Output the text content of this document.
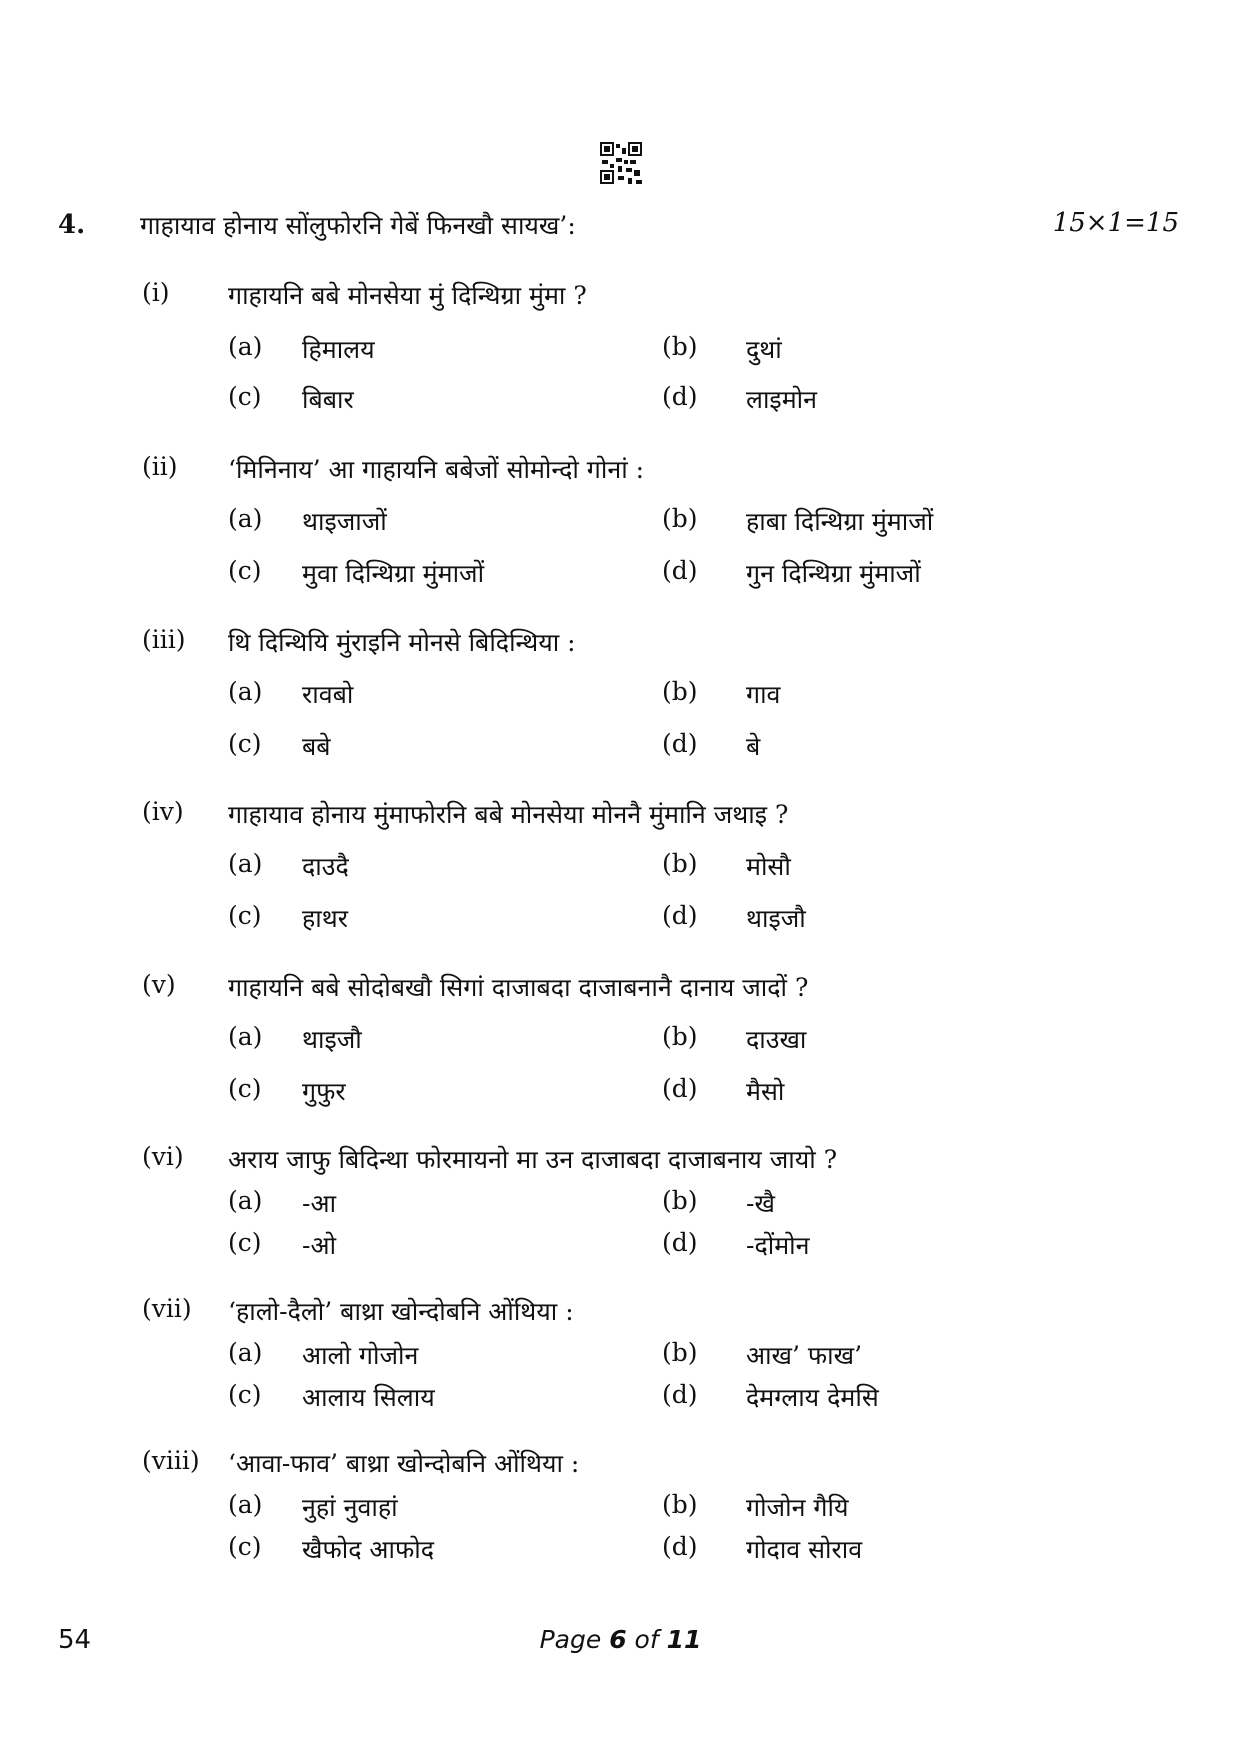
4. गाहायाव होनाय सोंलुफोरनि गेबें फिनखौ सायख’:	15×1=15
(i) गाहायनि बबे मोनसेया मुं दिन्थिग्रा मुंमा ?
(a) हिमालय	(b) दुथां
(c) बिबार	(d) लाइमोन
(ii) ‘मिनिनाय’ आ गाहायनि बबेजों सोमोन्दो गोनां :
(a) थाइजाजों	(b) हाबा दिन्थिग्रा मुंमाजों
(c) मुवा दिन्थिग्रा मुंमाजों	(d) गुन दिन्थिग्रा मुंमाजों
(iii) थि दिन्थियि मुंराइनि मोनसे बिदिन्थिया :
(a) रावबो	(b) गाव
(c) बबे	(d) बे
(iv) गाहायाव होनाय मुंमाफोरनि बबे मोनसेया मोननै मुंमानि जथाइ ?
(a) दाउदै	(b) मोसौ
(c) हाथर	(d) थाइजौ
(v) गाहायनि बबे सोदोबखौ सिगां दाजाबदा दाजाबनानै दानाय जादों ?
(a) थाइजौ	(b) दाउखा
(c) गुफुर	(d) मैसो
(vi) अराय जाफु बिदिन्था फोरमायनो मा उन दाजाबदा दाजाबनाय जायो ?
(a) -आ	(b) -खै
(c) -ओ	(d) -दोंमोन
(vii) ‘हालो-दैलो’ बाथ्रा खोन्दोबनि ओंथिया :
(a) आलो गोजोन	(b) आख’ फाख’
(c) आलाय सिलाय	(d) देमग्लाय देमसि
(viii) ‘आवा-फाव’ बाथ्रा खोन्दोबनि ओंथिया :
(a) नुहां नुवाहां	(b) गोजोन गैयि
(c) खैफोद आफोद	(d) गोदाव सोराव
54	Page 6 of 11
